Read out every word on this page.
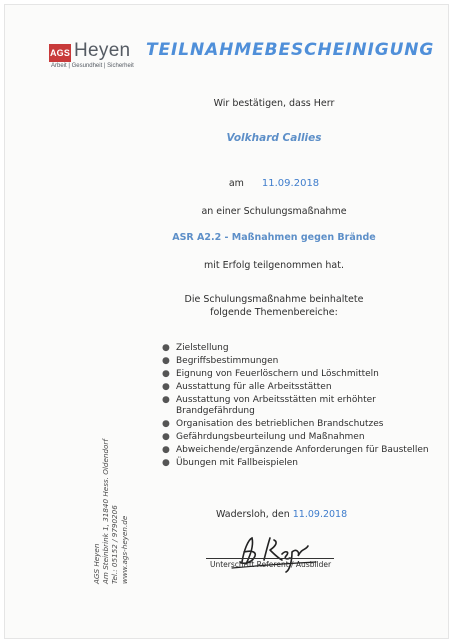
AGS Heyen
Arbeit | Gesundheit | Sicherheit
TEILNAHMEBESCHEINIGUNG
Wir bestätigen, dass Herr
Volkhard Callies
am 11.09.2018
an einer Schulungsmaßnahme
ASR A2.2 - Maßnahmen gegen Brände
mit Erfolg teilgenommen hat.
Die Schulungsmaßnahme beinhaltete
folgende Themenbereiche:
● Zielstellung
● Begriffsbestimmungen
● Eignung von Feuerlöschern und Löschmitteln
● Ausstattung für alle Arbeitsstätten
● Ausstattung von Arbeitsstätten mit erhöhter Brandgefährdung
● Organisation des betrieblichen Brandschutzes
● Gefährdungsbeurteilung und Maßnahmen
● Abweichende/ergänzende Anforderungen für Baustellen
● Übungen mit Fallbeispielen
AGS Heyen Am Steinbrink 1, 31840 Hess. Oldendorf Tel.: 05152 / 9790206 www.ags-heyen.de
Wadersloh, den 11.09.2018
Unterschrift Referent / Ausbilder
